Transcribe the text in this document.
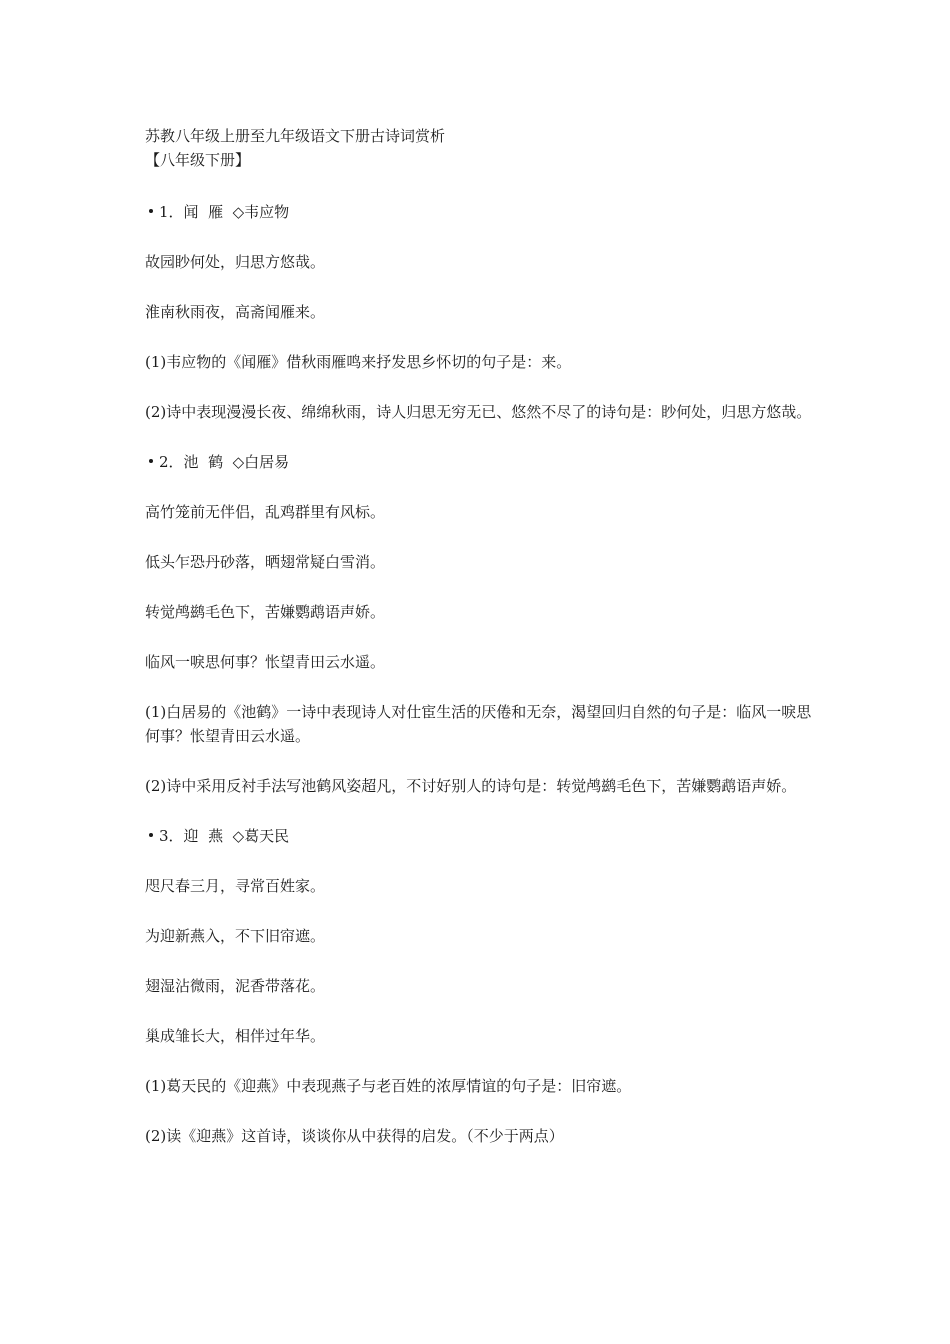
苏教八年级上册至九年级语文下册古诗词赏析
【八年级下册】
1．闻  雁  ◇韦应物
故园眇何处，归思方悠哉。
淮南秋雨夜，高斋闻雁来。
(1)韦应物的《闻雁》借秋雨雁鸣来抒发思乡怀切的句子是：来。
(2)诗中表现漫漫长夜、绵绵秋雨，诗人归思无穷无已、悠然不尽了的诗句是：眇何处，归思方悠哉。
2．池  鹤  ◇白居易
高竹笼前无伴侣，乱鸡群里有风标。
低头乍恐丹砂落，晒翅常疑白雪消。
转觉鸬鹚毛色下，苦嫌鹦鹉语声娇。
临风一唳思何事？怅望青田云水遥。
(1)白居易的《池鹤》一诗中表现诗人对仕宦生活的厌倦和无奈，渴望回归自然的句子是：临风一唳思何事？怅望青田云水遥。
(2)诗中采用反衬手法写池鹤风姿超凡，不讨好别人的诗句是：转觉鸬鹚毛色下，苦嫌鹦鹉语声娇。
3．迎  燕  ◇葛天民
咫尺春三月，寻常百姓家。
为迎新燕入，不下旧帘遮。
翅湿沾微雨，泥香带落花。
巢成雏长大，相伴过年华。
(1)葛天民的《迎燕》中表现燕子与老百姓的浓厚情谊的句子是：旧帘遮。
(2)读《迎燕》这首诗，谈谈你从中获得的启发。（不少于两点）
